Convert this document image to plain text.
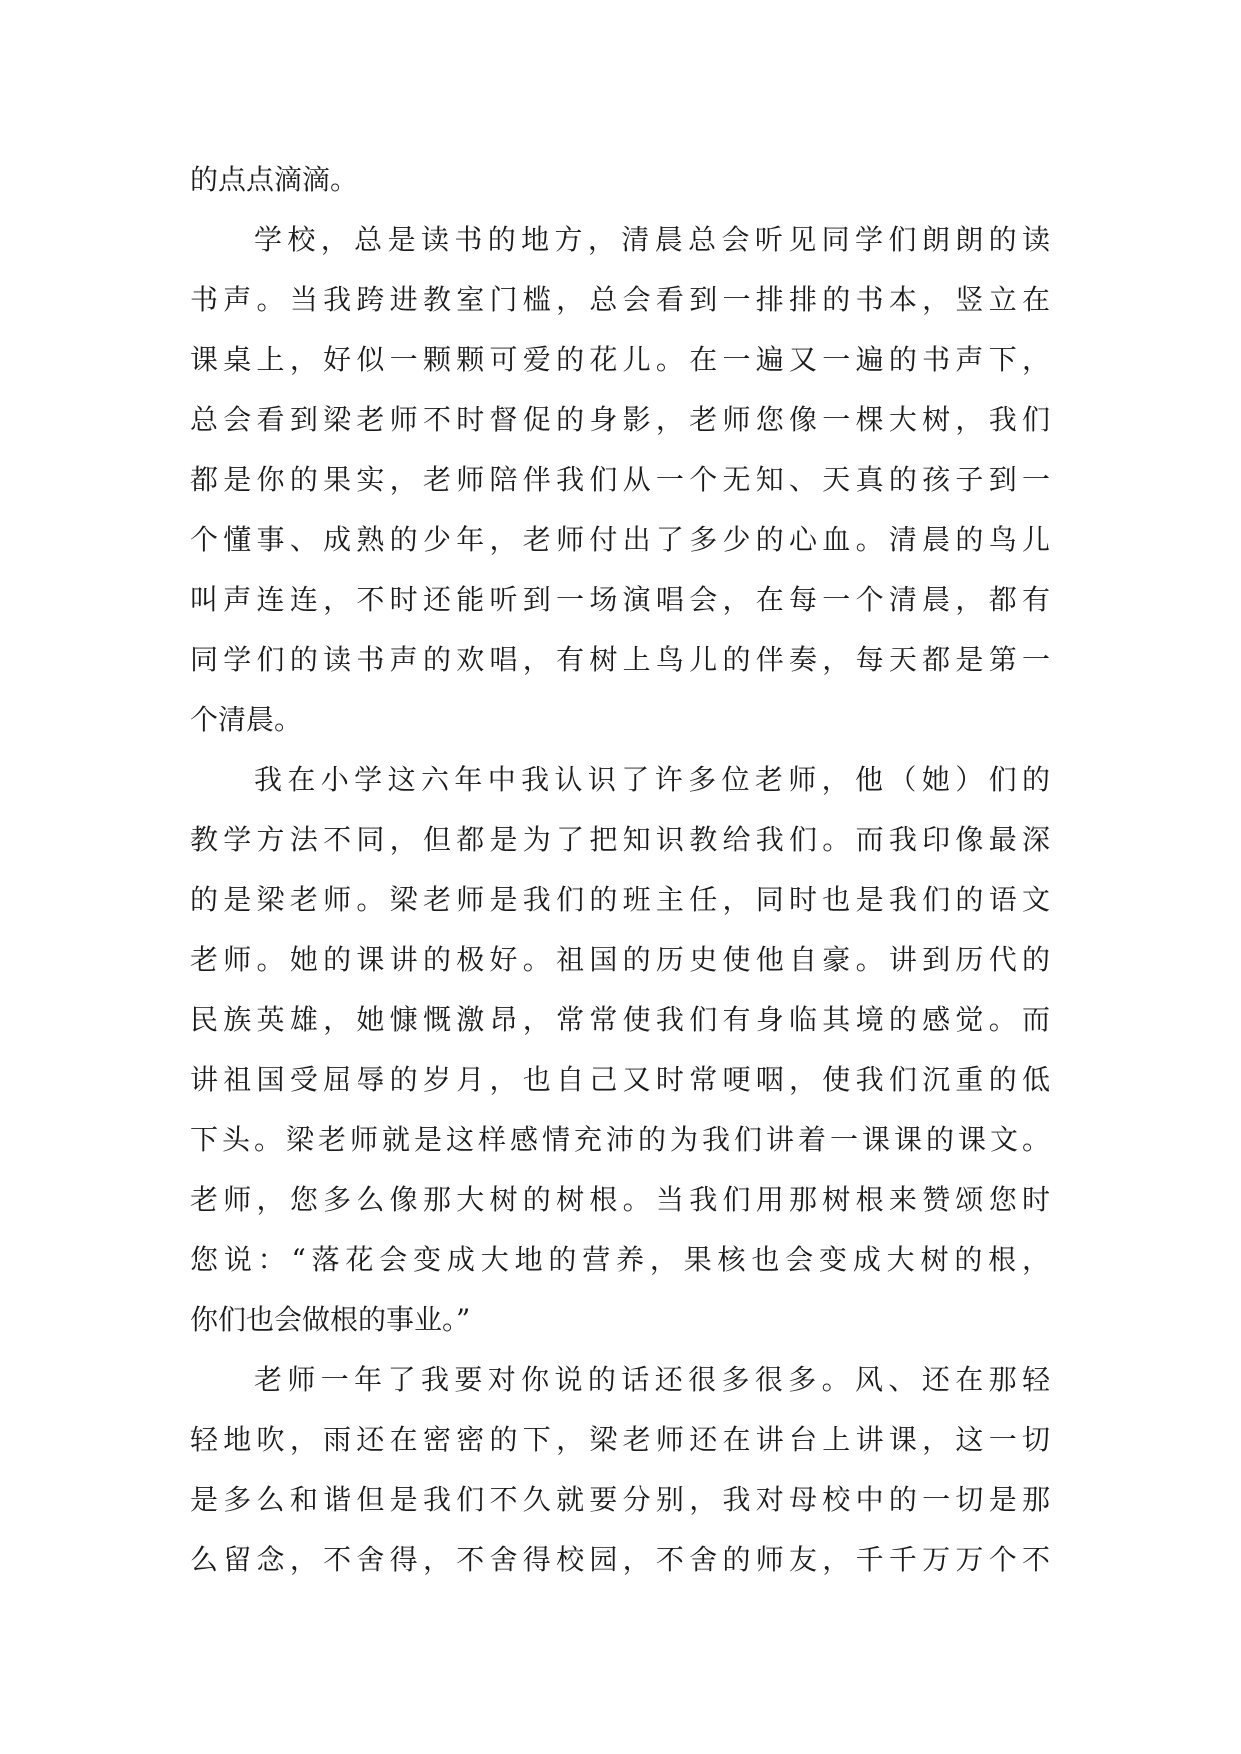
的点点滴滴。
学校，总是读书的地方，清晨总会听见同学们朗朗的读
书声。当我跨进教室门槛，总会看到一排排的书本，竖立在
课桌上，好似一颗颗可爱的花儿。在一遍又一遍的书声下，
总会看到梁老师不时督促的身影，老师您像一棵大树，我们
都是你的果实，老师陪伴我们从一个无知、天真的孩子到一
个懂事、成熟的少年，老师付出了多少的心血。清晨的鸟儿
叫声连连，不时还能听到一场演唱会，在每一个清晨，都有
同学们的读书声的欢唱，有树上鸟儿的伴奏，每天都是第一
个清晨。
我在小学这六年中我认识了许多位老师，他（她）们的
教学方法不同，但都是为了把知识教给我们。而我印像最深
的是梁老师。梁老师是我们的班主任，同时也是我们的语文
老师。她的课讲的极好。祖国的历史使他自豪。讲到历代的
民族英雄，她慷慨激昂，常常使我们有身临其境的感觉。而
讲祖国受屈辱的岁月，也自己又时常哽咽，使我们沉重的低
下头。梁老师就是这样感情充沛的为我们讲着一课课的课文。
老师，您多么像那大树的树根。当我们用那树根来赞颂您时
您说：“落花会变成大地的营养，果核也会变成大树的根，
你们也会做根的事业。”
老师一年了我要对你说的话还很多很多。风、还在那轻
轻地吹，雨还在密密的下，梁老师还在讲台上讲课，这一切
是多么和谐但是我们不久就要分别，我对母校中的一切是那
么留念，不舍得，不舍得校园，不舍的师友，千千万万个不
